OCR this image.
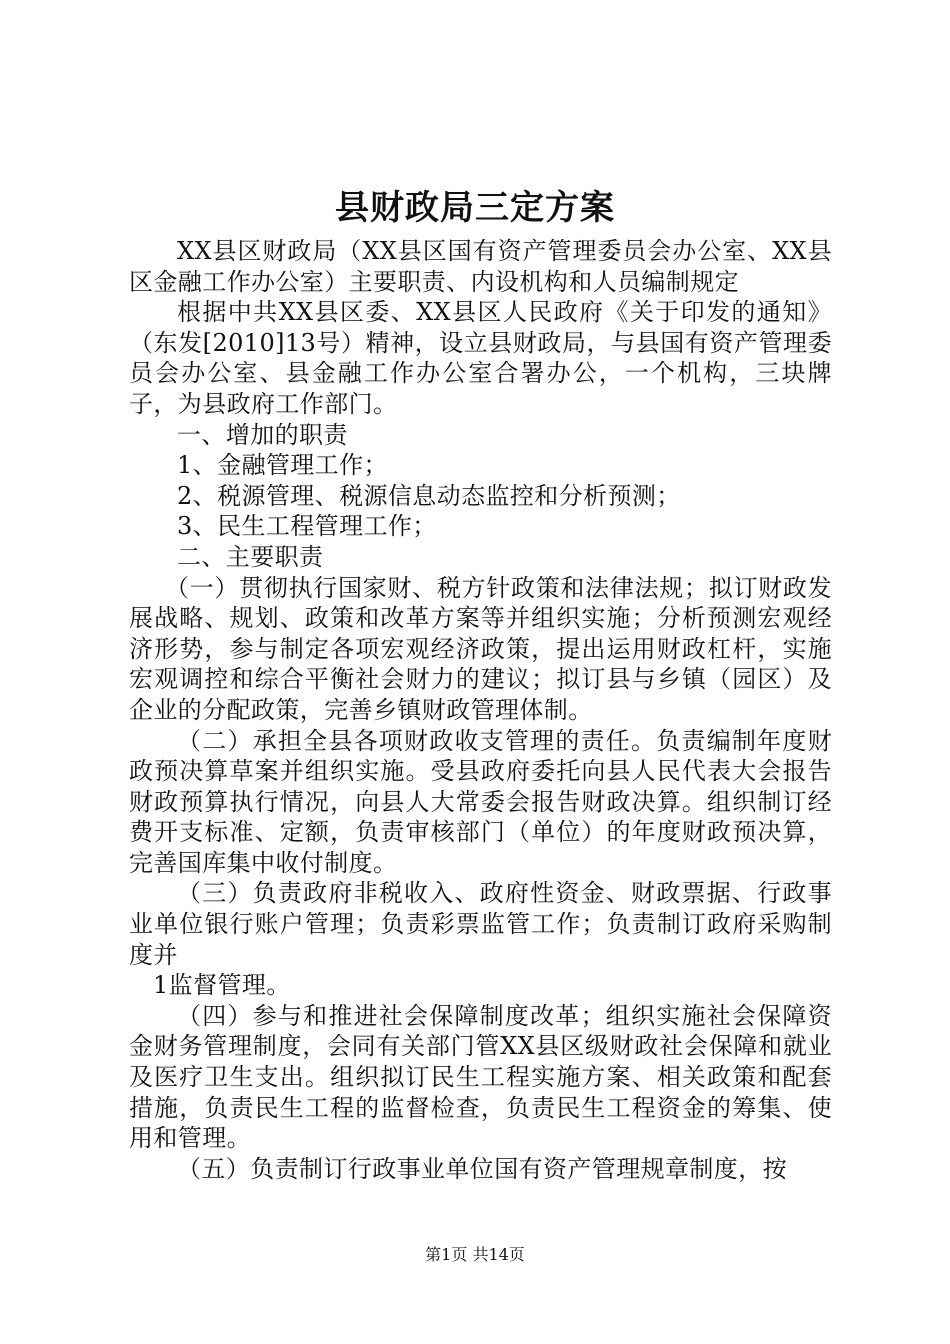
县财政局三定方案

XX县区财政局（XX县区国有资产管理委员会办公室、XX县区金融工作办公室）主要职责、内设机构和人员编制规定

根据中共XX县区委、XX县区人民政府《关于印发的通知》（东发[2010]13号）精神，设立县财政局，与县国有资产管理委员会办公室、县金融工作办公室合署办公，一个机构，三块牌子，为县政府工作部门。

一、增加的职责

1、金融管理工作；

2、税源管理、税源信息动态监控和分析预测；

3、民生工程管理工作；

二、主要职责

（一）贯彻执行国家财、税方针政策和法律法规；拟订财政发展战略、规划、政策和改革方案等并组织实施；分析预测宏观经济形势，参与制定各项宏观经济政策，提出运用财政杠杆，实施宏观调控和综合平衡社会财力的建议；拟订县与乡镇（园区）及企业的分配政策，完善乡镇财政管理体制。

（二）承担全县各项财政收支管理的责任。负责编制年度财政预决算草案并组织实施。受县政府委托向县人民代表大会报告财政预算执行情况，向县人大常委会报告财政决算。组织制订经费开支标准、定额，负责审核部门（单位）的年度财政预决算，完善国库集中收付制度。

（三）负责政府非税收入、政府性资金、财政票据、行政事业单位银行账户管理；负责彩票监管工作；负责制订政府采购制度并

1监督管理。

（四）参与和推进社会保障制度改革；组织实施社会保障资金财务管理制度，会同有关部门管XX县区级财政社会保障和就业及医疗卫生支出。组织拟订民生工程实施方案、相关政策和配套措施，负责民生工程的监督检查，负责民生工程资金的筹集、使用和管理。

（五）负责制订行政事业单位国有资产管理规章制度，按

第1页 共14页
